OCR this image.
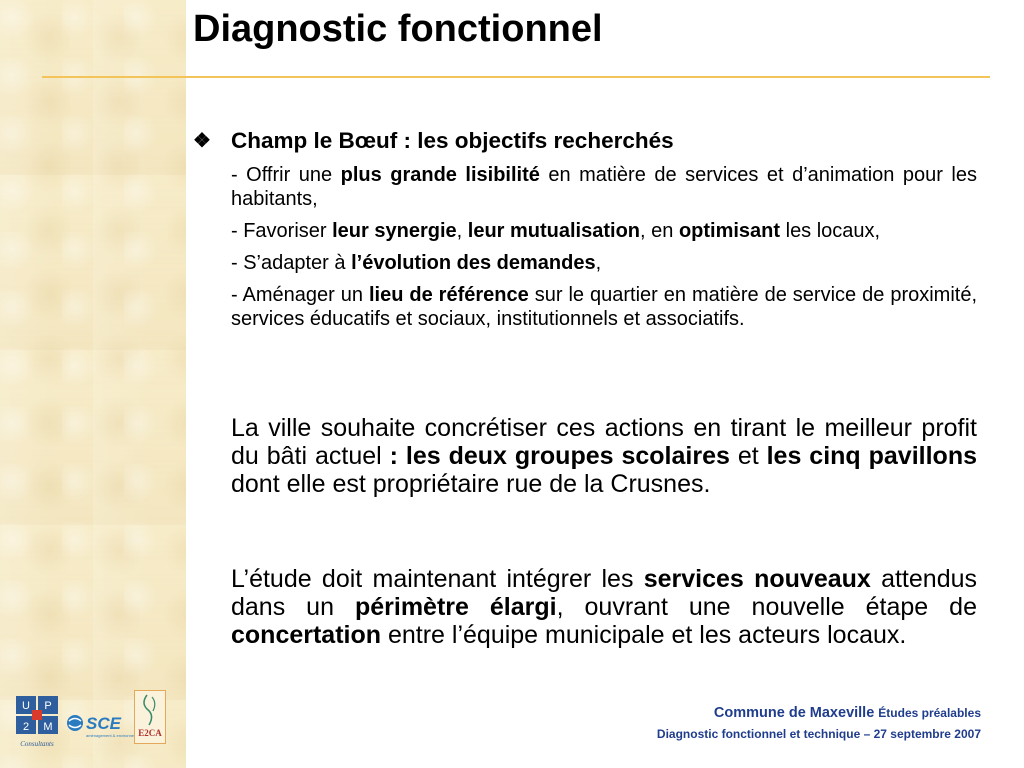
Diagnostic fonctionnel
❖ Champ le Bœuf : les objectifs recherchés

- Offrir une plus grande lisibilité en matière de services et d’animation pour les habitants,

- Favoriser leur synergie, leur mutualisation, en optimisant les locaux,

- S’adapter à l’évolution des demandes,

- Aménager un lieu de référence sur le quartier en matière de service de proximité, services éducatifs et sociaux, institutionnels et associatifs.

La ville souhaite concrétiser ces actions en tirant le meilleur profit du bâti actuel : les deux groupes scolaires et les cinq pavillons dont elle est propriétaire rue de la Crusnes.

L’étude doit maintenant intégrer les services nouveaux attendus dans un périmètre élargi, ouvrant une nouvelle étape de concertation entre l’équipe municipale et les acteurs locaux.

U P
2 M
Consultants
SCE
aménagement & environnement
E2CA
Commune de Maxeville Études préalables
Diagnostic fonctionnel et technique – 27 septembre 2007
